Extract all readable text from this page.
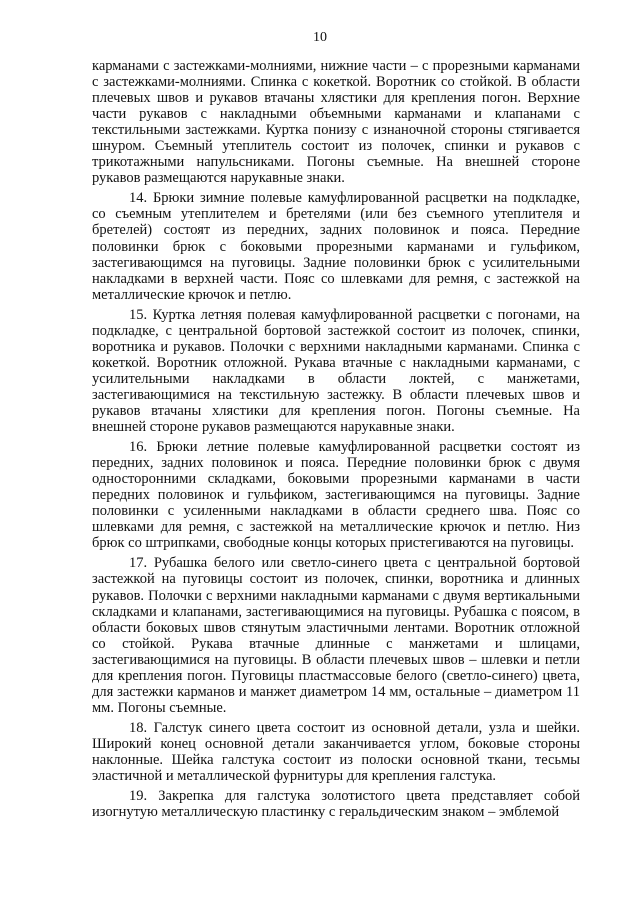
10

карманами с застежками-молниями, нижние части – с прорезными карманами с застежками-молниями. Спинка с кокеткой. Воротник со стойкой. В области плечевых швов и рукавов втачаны хлястики для крепления погон. Верхние части рукавов с накладными объемными карманами и клапанами с текстильными застежками. Куртка понизу с изнаночной стороны стягивается шнуром. Съемный утеплитель состоит из полочек, спинки и рукавов с трикотажными напульсниками. Погоны съемные. На внешней стороне рукавов размещаются нарукавные знаки.

14. Брюки зимние полевые камуфлированной расцветки на подкладке, со съемным утеплителем и бретелями (или без съемного утеплителя и бретелей) состоят из передних, задних половинок и пояса. Передние половинки брюк с боковыми прорезными карманами и гульфиком, застегивающимся на пуговицы. Задние половинки брюк с усилительными накладками в верхней части. Пояс со шлевками для ремня, с застежкой на металлические крючок и петлю.

15. Куртка летняя полевая камуфлированной расцветки с погонами, на подкладке, с центральной бортовой застежкой состоит из полочек, спинки, воротника и рукавов. Полочки с верхними накладными карманами. Спинка с кокеткой. Воротник отложной. Рукава втачные с накладными карманами, с усилительными накладками в области локтей, с манжетами, застегивающимися на текстильную застежку. В области плечевых швов и рукавов втачаны хлястики для крепления погон. Погоны съемные. На внешней стороне рукавов размещаются нарукавные знаки.

16. Брюки летние полевые камуфлированной расцветки состоят из передних, задних половинок и пояса. Передние половинки брюк с двумя односторонними складками, боковыми прорезными карманами в части передних половинок и гульфиком, застегивающимся на пуговицы. Задние половинки с усиленными накладками в области среднего шва. Пояс со шлевками для ремня, с застежкой на металлические крючок и петлю. Низ брюк со штрипками, свободные концы которых пристегиваются на пуговицы.

17. Рубашка белого или светло-синего цвета с центральной бортовой застежкой на пуговицы состоит из полочек, спинки, воротника и длинных рукавов. Полочки с верхними накладными карманами с двумя вертикальными складками и клапанами, застегивающимися на пуговицы. Рубашка с поясом, в области боковых швов стянутым эластичными лентами. Воротник отложной со стойкой. Рукава втачные длинные с манжетами и шлицами, застегивающимися на пуговицы. В области плечевых швов – шлевки и петли для крепления погон. Пуговицы пластмассовые белого (светло-синего) цвета, для застежки карманов и манжет диаметром 14 мм, остальные – диаметром 11 мм. Погоны съемные.

18. Галстук синего цвета состоит из основной детали, узла и шейки. Широкий конец основной детали заканчивается углом, боковые стороны наклонные. Шейка галстука состоит из полоски основной ткани, тесьмы эластичной и металлической фурнитуры для крепления галстука.

19. Закрепка для галстука золотистого цвета представляет собой изогнутую металлическую пластинку с геральдическим знаком – эмблемой
